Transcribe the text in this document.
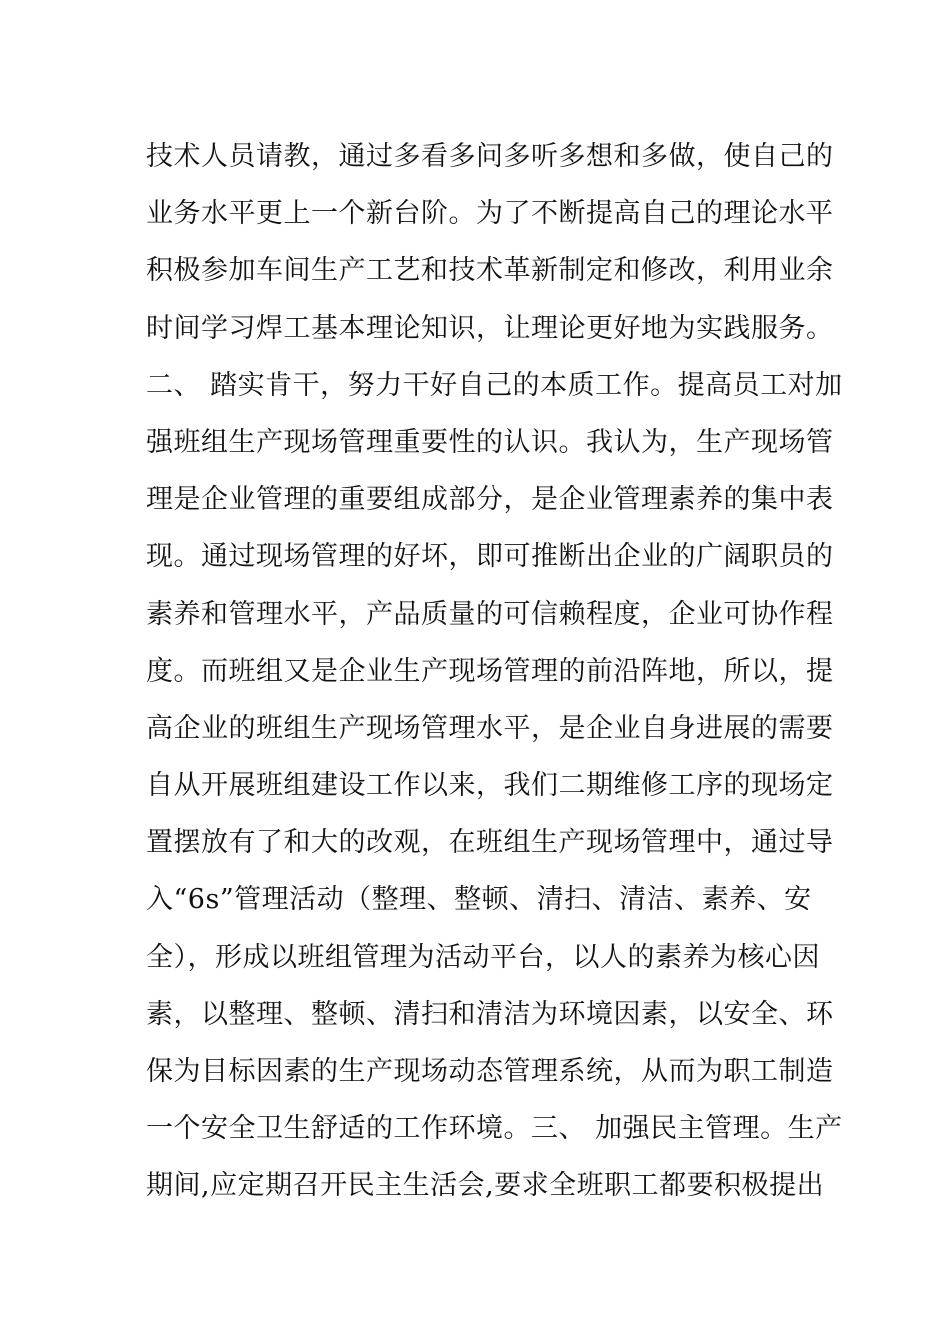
技术人员请教，通过多看多问多听多想和多做，使自己的
业务水平更上一个新台阶。为了不断提高自己的理论水平
积极参加车间生产工艺和技术革新制定和修改，利用业余
时间学习焊工基本理论知识，让理论更好地为实践服务。
二、 踏实肯干，努力干好自己的本质工作。提高员工对加
强班组生产现场管理重要性的认识。我认为，生产现场管
理是企业管理的重要组成部分，是企业管理素养的集中表
现。通过现场管理的好坏，即可推断出企业的广阔职员的
素养和管理水平，产品质量的可信赖程度，企业可协作程
度。而班组又是企业生产现场管理的前沿阵地，所以，提
高企业的班组生产现场管理水平，是企业自身进展的需要
自从开展班组建设工作以来，我们二期维修工序的现场定
置摆放有了和大的改观，在班组生产现场管理中，通过导
入“6s”管理活动（整理、整顿、清扫、清洁、素养、安
全），形成以班组管理为活动平台，以人的素养为核心因
素，以整理、整顿、清扫和清洁为环境因素，以安全、环
保为目标因素的生产现场动态管理系统，从而为职工制造
一个安全卫生舒适的工作环境。三、 加强民主管理。生产
期间,应定期召开民主生活会,要求全班职工都要积极提出
